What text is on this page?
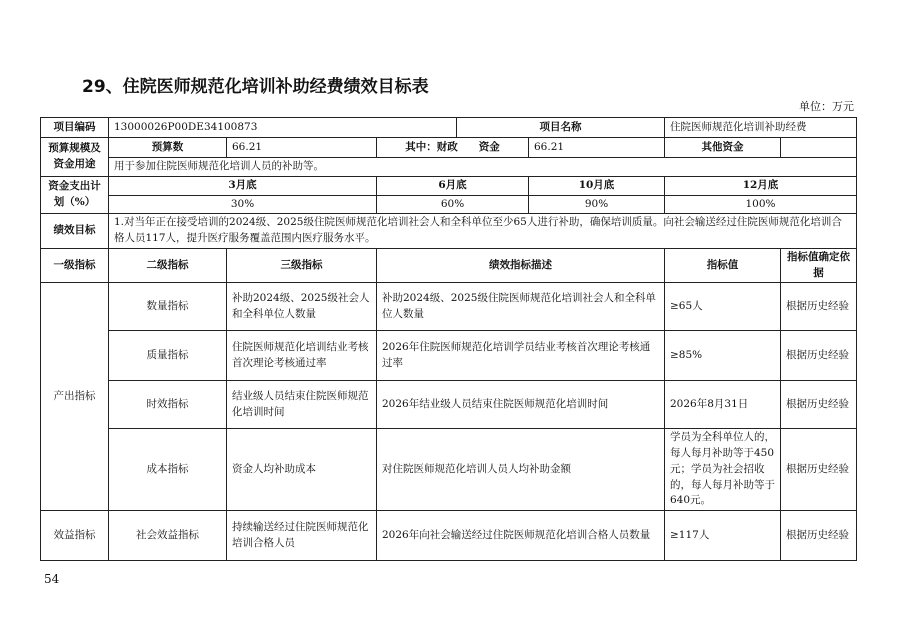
29、住院医师规范化培训补助经费绩效目标表
单位：万元
项目编码	13000026P00DE34100873			项目名称		住院医师规范化培训补助经费	
预算规模及资金用途	预算数	66.21	其中：财政　　资金		66.21	其他资金	
	用于参加住院医师规范化培训人员的补助等。						
资金支出计划（%）	3月底		6月底		10月底	12月底	
	30%		60%		90%	100%	
绩效目标	1.对当年正在接受培训的2024级、2025级住院医师规范化培训社会人和全科单位至少65人进行补助，确保培训质量。向社会输送经过住院医师规范化培训合格人员117人，提升医疗服务覆盖范围内医疗服务水平。						
一级指标	二级指标	三级指标	绩效指标描述			指标值	指标值确定依据
产出指标	数量指标	补助2024级、2025级社会人和全科单位人数量	补助2024级、2025级住院医师规范化培训社会人和全科单位人数量			≥65人	根据历史经验
	质量指标	住院医师规范化培训结业考核首次理论考核通过率	2026年住院医师规范化培训学员结业考核首次理论考核通过率			≥85%	根据历史经验
	时效指标	结业级人员结束住院医师规范化培训时间	2026年结业级人员结束住院医师规范化培训时间			2026年8月31日	根据历史经验
	成本指标	资金人均补助成本	对住院医师规范化培训人员人均补助金额			学员为全科单位人的，每人每月补助等于450元；学员为社会招收的，每人每月补助等于640元。	根据历史经验
效益指标	社会效益指标	持续输送经过住院医师规范化培训合格人员	2026年向社会输送经过住院医师规范化培训合格人员数量			≥117人	根据历史经验
54
